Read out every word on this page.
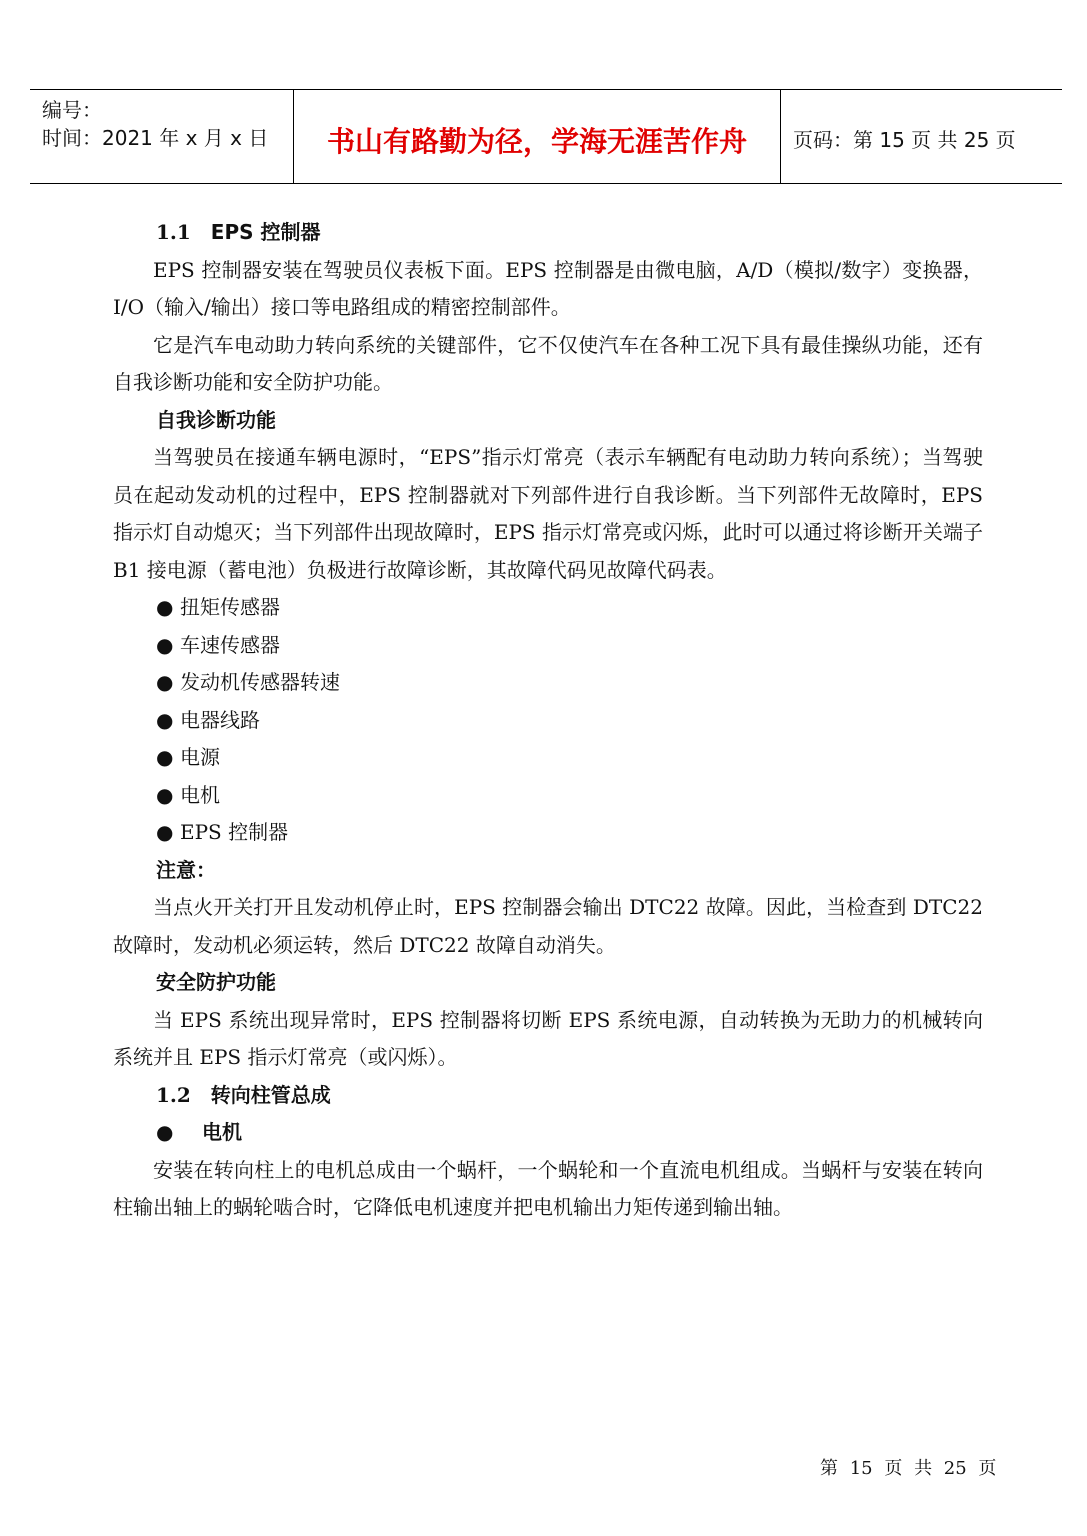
编号：
时间：2021 年 x 月 x 日	书山有路勤为径，学海无涯苦作舟	页码：第 15 页 共 25 页
1.1 EPS 控制器

EPS 控制器安装在驾驶员仪表板下面。EPS 控制器是由微电脑，A/D（模拟/数字）变换器，I/O（输入/输出）接口等电路组成的精密控制部件。

它是汽车电动助力转向系统的关键部件，它不仅使汽车在各种工况下具有最佳操纵功能，还有自我诊断功能和安全防护功能。

自我诊断功能

当驾驶员在接通车辆电源时，“EPS”指示灯常亮（表示车辆配有电动助力转向系统）；当驾驶员在起动发动机的过程中，EPS 控制器就对下列部件进行自我诊断。当下列部件无故障时，EPS 指示灯自动熄灭；当下列部件出现故障时，EPS 指示灯常亮或闪烁，此时可以通过将诊断开关端子 B1 接电源（蓄电池）负极进行故障诊断，其故障代码见故障代码表。

● 扭矩传感器
● 车速传感器
● 发动机传感器转速
● 电器线路
● 电源
● 电机
● EPS 控制器
注意：

当点火开关打开且发动机停止时，EPS 控制器会输出 DTC22 故障。因此，当检查到 DTC22 故障时，发动机必须运转，然后 DTC22 故障自动消失。

安全防护功能

当 EPS 系统出现异常时，EPS 控制器将切断 EPS 系统电源，自动转换为无助力的机械转向系统并且 EPS 指示灯常亮（或闪烁）。

1.2 转向柱管总成
● 电机

安装在转向柱上的电机总成由一个蜗杆，一个蜗轮和一个直流电机组成。当蜗杆与安装在转向柱输出轴上的蜗轮啮合时，它降低电机速度并把电机输出力矩传递到输出轴。

第 15 页 共 25 页
